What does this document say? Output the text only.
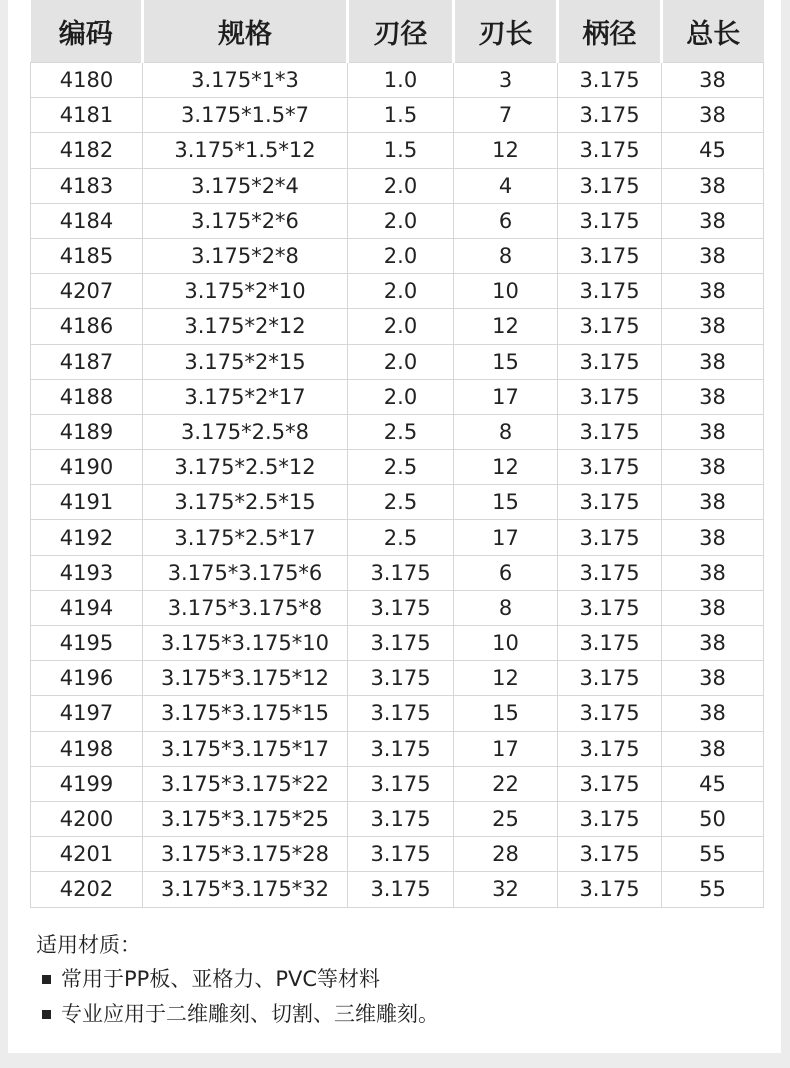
编码	规格	刃径	刃长	柄径	总长
4180	3.175*1*3	1.0	3	3.175	38
4181	3.175*1.5*7	1.5	7	3.175	38
4182	3.175*1.5*12	1.5	12	3.175	45
4183	3.175*2*4	2.0	4	3.175	38
4184	3.175*2*6	2.0	6	3.175	38
4185	3.175*2*8	2.0	8	3.175	38
4207	3.175*2*10	2.0	10	3.175	38
4186	3.175*2*12	2.0	12	3.175	38
4187	3.175*2*15	2.0	15	3.175	38
4188	3.175*2*17	2.0	17	3.175	38
4189	3.175*2.5*8	2.5	8	3.175	38
4190	3.175*2.5*12	2.5	12	3.175	38
4191	3.175*2.5*15	2.5	15	3.175	38
4192	3.175*2.5*17	2.5	17	3.175	38
4193	3.175*3.175*6	3.175	6	3.175	38
4194	3.175*3.175*8	3.175	8	3.175	38
4195	3.175*3.175*10	3.175	10	3.175	38
4196	3.175*3.175*12	3.175	12	3.175	38
4197	3.175*3.175*15	3.175	15	3.175	38
4198	3.175*3.175*17	3.175	17	3.175	38
4199	3.175*3.175*22	3.175	22	3.175	45
4200	3.175*3.175*25	3.175	25	3.175	50
4201	3.175*3.175*28	3.175	28	3.175	55
4202	3.175*3.175*32	3.175	32	3.175	55
适用材质：
常用于PP板、亚格力、PVC等材料
专业应用于二维雕刻、切割、三维雕刻。
